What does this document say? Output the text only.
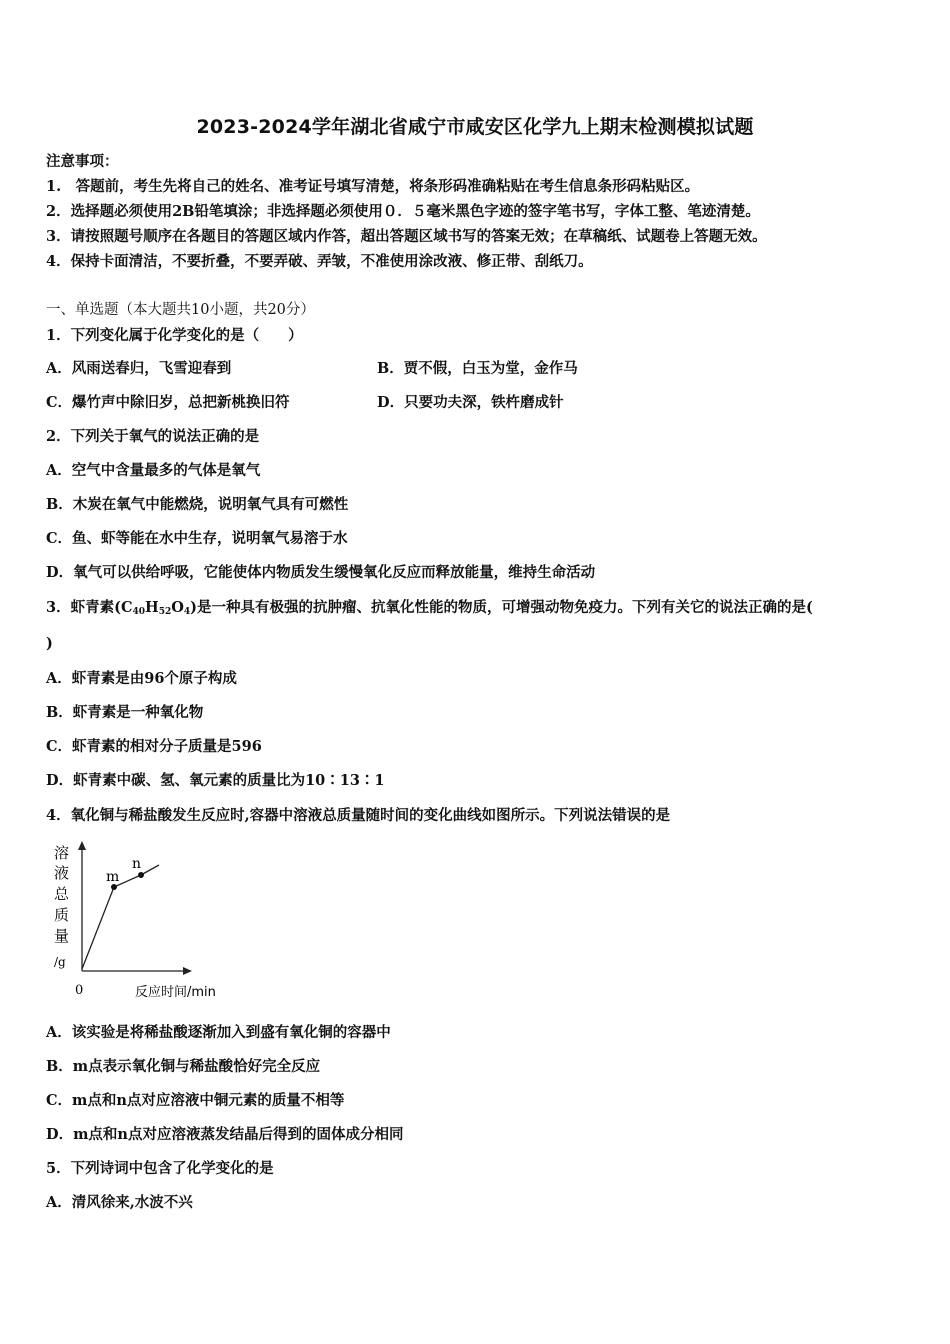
2023-2024学年湖北省咸宁市咸安区化学九上期末检测模拟试题
注意事项：
1.　答题前，考生先将自己的姓名、准考证号填写清楚，将条形码准确粘贴在考生信息条形码粘贴区。
2．选择题必须使用2B铅笔填涂；非选择题必须使用０．５毫米黑色字迹的签字笔书写，字体工整、笔迹清楚。
3．请按照题号顺序在各题目的答题区域内作答，超出答题区域书写的答案无效；在草稿纸、试题卷上答题无效。
4．保持卡面清洁，不要折叠，不要弄破、弄皱，不准使用涂改液、修正带、刮纸刀。
一、单选题（本大题共10小题，共20分）
1．下列变化属于化学变化的是（　　）
A．风雨送春归，飞雪迎春到	B．贾不假，白玉为堂，金作马
C．爆竹声中除旧岁，总把新桃换旧符	D．只要功夫深，铁杵磨成针
2．下列关于氧气的说法正确的是
A．空气中含量最多的气体是氧气
B．木炭在氧气中能燃烧，说明氧气具有可燃性
C．鱼、虾等能在水中生存，说明氧气易溶于水
D．氧气可以供给呼吸，它能使体内物质发生缓慢氧化反应而释放能量，维持生命活动
3．虾青素$(C_{40}H_{52}O_4)$是一种具有极强的抗肿瘤、抗氧化性能的物质，可增强动物免疫力。下列有关它的说法正确的是(
)
A．虾青素是由96个原子构成
B．虾青素是一种氧化物
C．虾青素的相对分子质量是596
D．虾青素中碳、氢、氧元素的质量比为10∶13∶1
4．氧化铜与稀盐酸发生反应时,容器中溶液总质量随时间的变化曲线如图所示。下列说法错误的是
溶
液
总
质
量
/g
m
n
0	反应时间/min
A．该实验是将稀盐酸逐渐加入到盛有氧化铜的容器中
B．m点表示氧化铜与稀盐酸恰好完全反应
C．m点和n点对应溶液中铜元素的质量不相等
D．m点和n点对应溶液蒸发结晶后得到的固体成分相同
5．下列诗词中包含了化学变化的是
A．清风徐来,水波不兴
